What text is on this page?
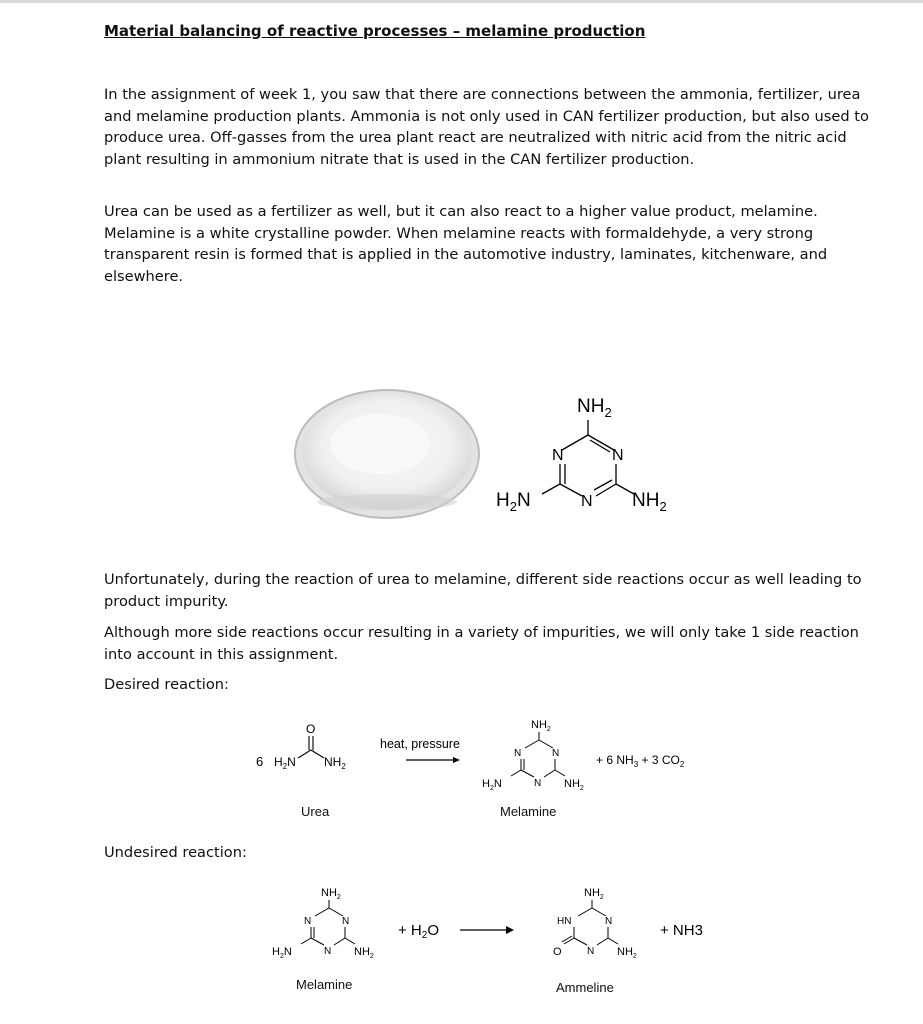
Material balancing of reactive processes – melamine production

In the assignment of week 1, you saw that there are connections between the ammonia, fertilizer, urea and melamine production plants. Ammonia is not only used in CAN fertilizer production, but also used to produce urea. Off-gasses from the urea plant react are neutralized with nitric acid from the nitric acid plant resulting in ammonium nitrate that is used in the CAN fertilizer production.

Urea can be used as a fertilizer as well, but it can also react to a higher value product, melamine. Melamine is a white crystalline powder. When melamine reacts with formaldehyde, a very strong transparent resin is formed that is applied in the automotive industry, laminates, kitchenware, and elsewhere.

$NH_2$
N	N
N
$H_2N$	$NH_2$

Unfortunately, during the reaction of urea to melamine, different side reactions occur as well leading to product impurity.

Although more side reactions occur resulting in a variety of impurities, we will only take 1 side reaction into account in this assignment.

Desired reaction:
6 $H_2N$
O
$NH_2$
heat, pressure
$NH_2$
N	N
N
$H_2N$	$NH_2$
+ 6 $NH_3 + 3$ $CO_2$
Urea	Melamine
Undesired reaction:
$NH_2$
N	N
N
$H_2N$	$NH_2$
+ $H_2O$
$NH_2$
HN	N
N
O	$NH_2$
+ NH3
Melamine	Ammeline
